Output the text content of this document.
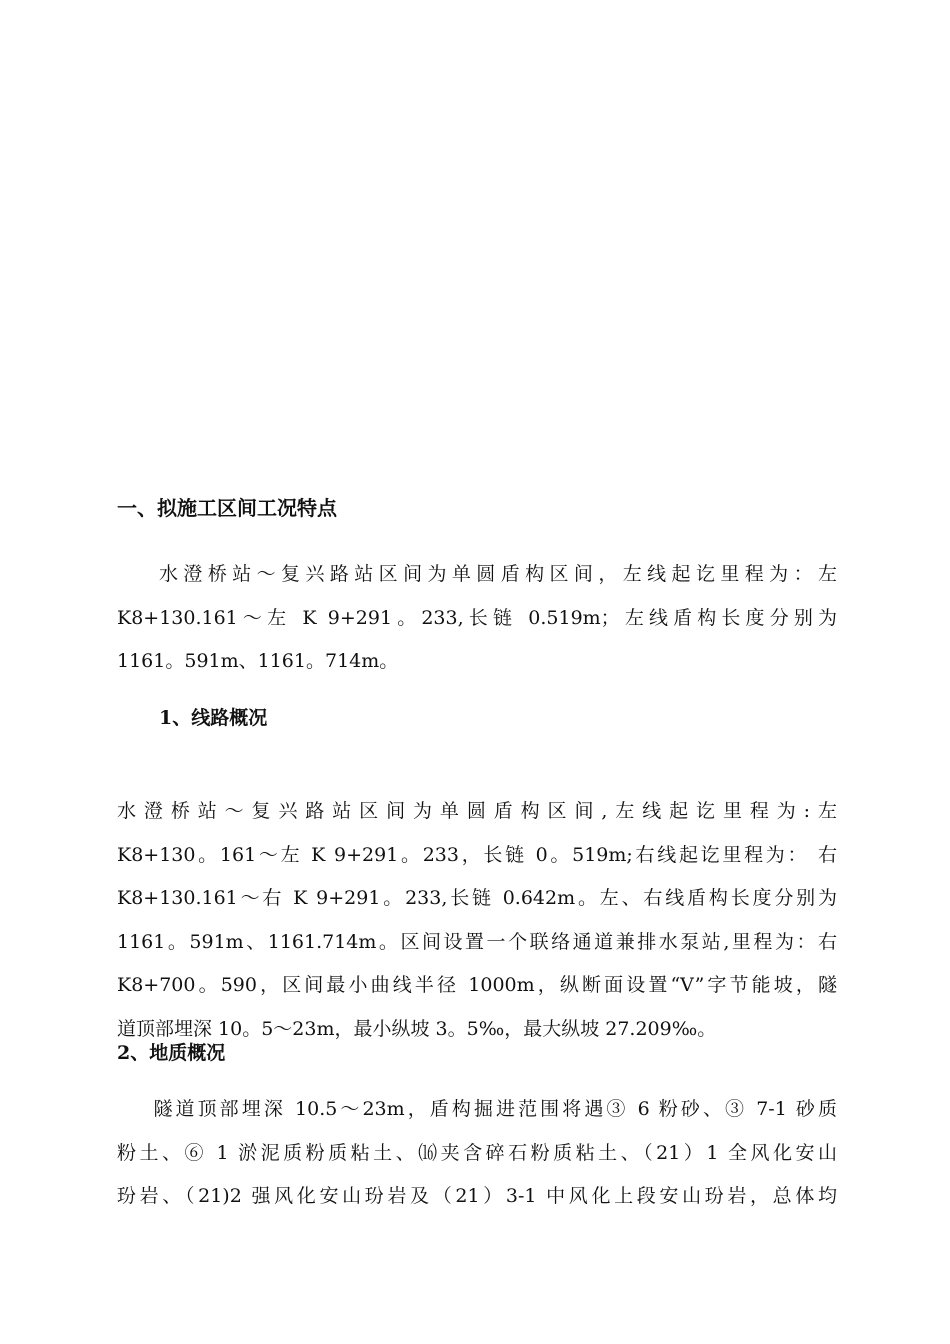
一、拟施工区间工况特点

水澄桥站～复兴路站区间为单圆盾构区间，左线起讫里程为：左
K8+130.161～左 K 9+291。233,长链 0.519m；左线盾构长度分别为
1161。591m、1161。714m。

1、线路概况

水澄桥站～复兴路站区间为单圆盾构区间,左线起讫里程为:左
K8+130。161～左 K 9+291。233，长链 0。519m;右线起讫里程为： 右
K8+130.161～右 K 9+291。233,长链 0.642m。左、右线盾构长度分别为
1161。591m、1161.714m。区间设置一个联络通道兼排水泵站,里程为：右
K8+700。590，区间最小曲线半径 1000m，纵断面设置“V”字节能坡，隧
道顶部埋深 10。5～23m，最小纵坡 3。5‰，最大纵坡 27.209‰。

2、地质概况

隧道顶部埋深 10.5～23m，盾构掘进范围将遇③ 6 粉砂、③ 7-1 砂质
粉土、⑥ 1 淤泥质粉质粘土、⒃夹含碎石粉质粘土、（21）1 全风化安山
玢岩、（21)2 强风化安山玢岩及（21）3-1 中风化上段安山玢岩，总体均
